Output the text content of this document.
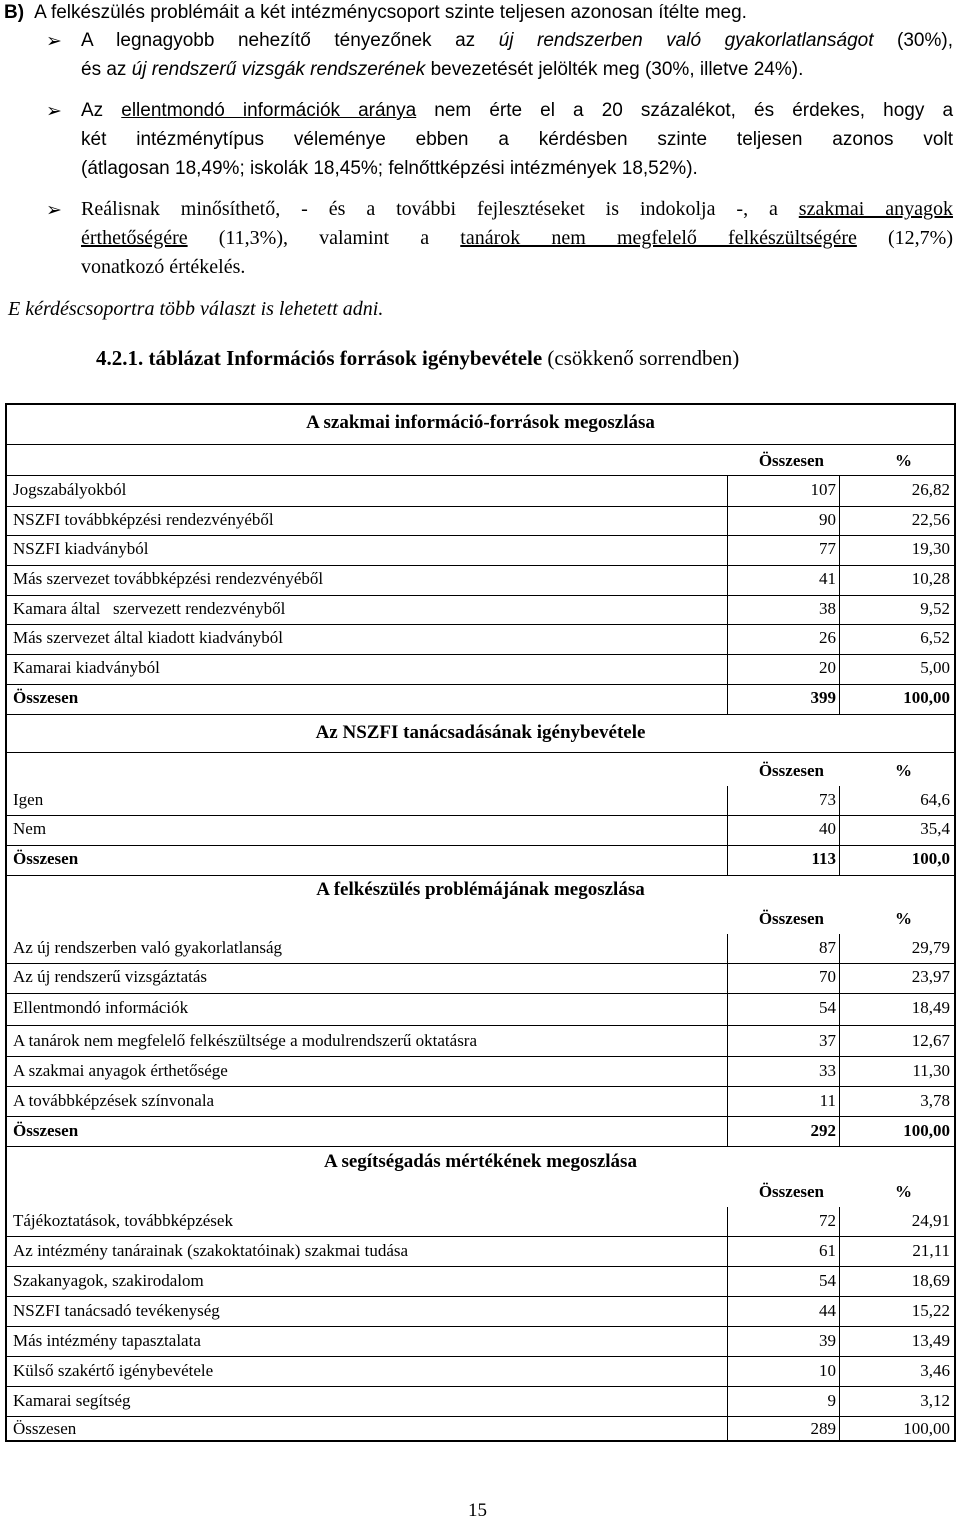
B) A felkészülés problémáit a két intézménycsoport szinte teljesen azonosan ítélte meg.
➢	A legnagyobb nehezítő tényezőnek az új rendszerben való gyakorlatlanságot (30%),

és az új rendszerű vizsgák rendszerének bevezetését jelölték meg (30%, illetve 24%).

➢	Az ellentmondó információk aránya nem érte el a 20 százalékot, és érdekes, hogy a

két intézménytípus véleménye ebben a kérdésben szinte teljesen azonos volt

(átlagosan 18,49%; iskolák 18,45%; felnőttképzési intézmények 18,52%).

➢ Reálisnak minősíthető, - és a további fejlesztéseket is indokolja -, a szakmai anyagok

érthetőségére (11,3%), valamint a tanárok nem megfelelő felkészültségére (12,7%)

vonatkozó értékelés.

E kérdéscsoportra több választ is lehetett adni.
4.2.1. táblázat Információs források igénybevétele (csökkenő sorrendben)
A szakmai információ-források megoszlása
Összesen	%
Jogszabályokból	107	26,82
NSZFI továbbképzési rendezvényéből	90	22,56
NSZFI kiadványból	77	19,30
Más szervezet továbbképzési rendezvényéből	41	10,28
Kamara által   szervezett rendezvényből	38	9,52
Más szervezet által kiadott kiadványból	26	6,52
Kamarai kiadványból	20	5,00
Összesen	399	100,00
Az NSZFI tanácsadásának igénybevétele
Összesen	%
Igen	73	64,6
Nem	40	35,4
Összesen	113	100,0
A felkészülés problémájának megoszlása
Összesen	%
Az új rendszerben való gyakorlatlanság	87	29,79
Az új rendszerű vizsgáztatás	70	23,97
Ellentmondó információk	54	18,49
A tanárok nem megfelelő felkészültsége a modulrendszerű oktatásra	37	12,67
A szakmai anyagok érthetősége	33	11,30
A továbbképzések színvonala	11	3,78
Összesen	292	100,00
A segítségadás mértékének megoszlása
Összesen	%
Tájékoztatások, továbbképzések	72	24,91
Az intézmény tanárainak (szakoktatóinak) szakmai tudása	61	21,11
Szakanyagok, szakirodalom	54	18,69
NSZFI tanácsadó tevékenység	44	15,22
Más intézmény tapasztalata	39	13,49
Külső szakértő igénybevétele	10	3,46
Kamarai segítség	9	3,12
Összesen	289	100,00
15
